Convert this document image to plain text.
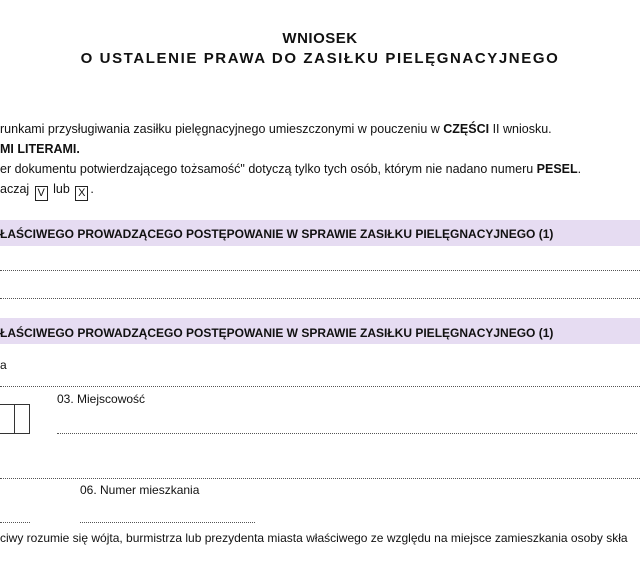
WNIOSEK
O USTALENIE PRAWA DO ZASIŁKU PIELĘGNACYJNEGO
runkami przysługiwania zasiłku pielęgnacyjnego umieszczonymi w pouczeniu w CZĘŚCI II wniosku.
MI LITERAMI.
er dokumentu potwierdzającego tożsamość" dotyczą tylko tych osób, którym nie nadano numeru PESEL.
aczaj V lub X .
ŁAŚCIWEGO PROWADZĄCEGO POSTĘPOWANIE W SPRAWIE ZASIŁKU PIELĘGNACYJNEGO (1)
ŁAŚCIWEGO PROWADZĄCEGO POSTĘPOWANIE W SPRAWIE ZASIŁKU PIELĘGNACYJNEGO (1)
a
03. Miejscowość
06. Numer mieszkania
ciwy rozumie się wójta, burmistrza lub prezydenta miasta właściwego ze względu na miejsce zamieszkania osoby skła
